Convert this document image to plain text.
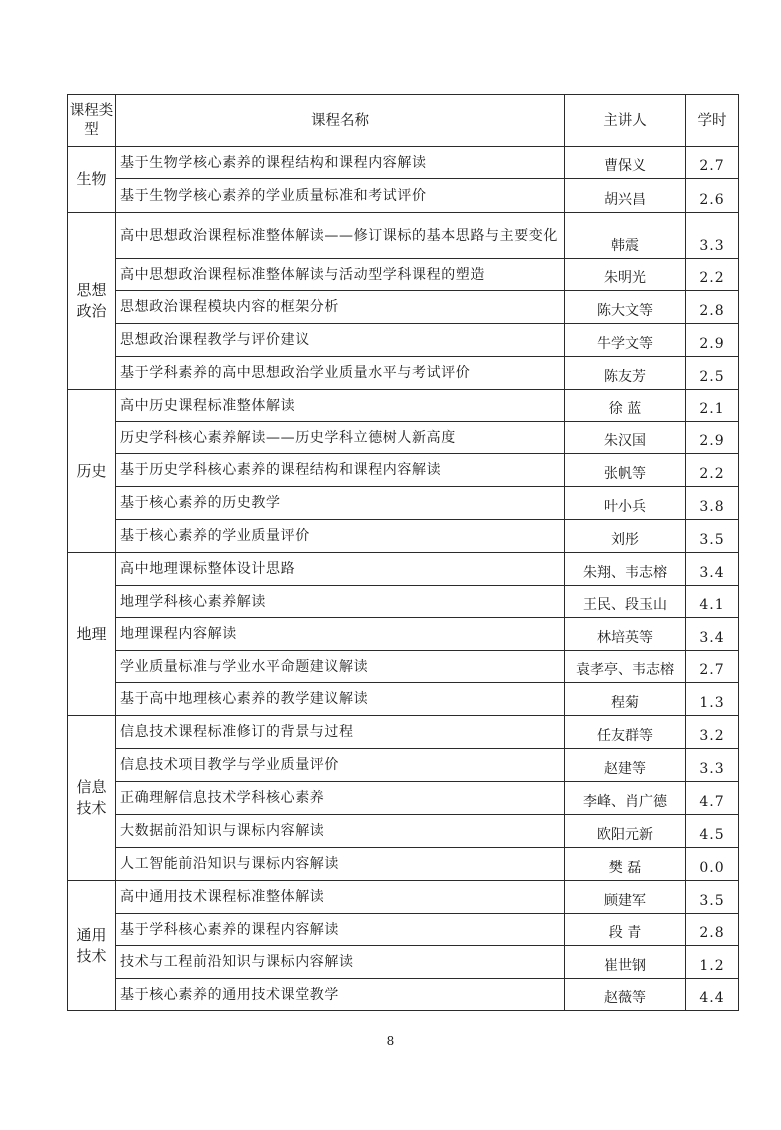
课程类型	课程名称	主讲人	学时
生物	基于生物学核心素养的课程结构和课程内容解读	曹保义	2.7
	基于生物学核心素养的学业质量标准和考试评价	胡兴昌	2.6
思想政治	高中思想政治课程标准整体解读——修订课标的基本思路与主要变化	韩震	3.3
	高中思想政治课程标准整体解读与活动型学科课程的塑造	朱明光	2.2
	思想政治课程模块内容的框架分析	陈大文等	2.8
	思想政治课程教学与评价建议	牛学文等	2.9
	基于学科素养的高中思想政治学业质量水平与考试评价	陈友芳	2.5
历史	高中历史课程标准整体解读	徐 蓝	2.1
	历史学科核心素养解读——历史学科立德树人新高度	朱汉国	2.9
	基于历史学科核心素养的课程结构和课程内容解读	张帆等	2.2
	基于核心素养的历史教学	叶小兵	3.8
	基于核心素养的学业质量评价	刘彤	3.5
地理	高中地理课标整体设计思路	朱翔、韦志榕	3.4
	地理学科核心素养解读	王民、段玉山	4.1
	地理课程内容解读	林培英等	3.4
	学业质量标准与学业水平命题建议解读	袁孝亭、韦志榕	2.7
	基于高中地理核心素养的教学建议解读	程菊	1.3
信息技术	信息技术课程标准修订的背景与过程	任友群等	3.2
	信息技术项目教学与学业质量评价	赵建等	3.3
	正确理解信息技术学科核心素养	李峰、肖广德	4.7
	大数据前沿知识与课标内容解读	欧阳元新	4.5
	人工智能前沿知识与课标内容解读	樊 磊	0.0
通用技术	高中通用技术课程标准整体解读	顾建军	3.5
	基于学科核心素养的课程内容解读	段 青	2.8
	技术与工程前沿知识与课标内容解读	崔世钢	1.2
	基于核心素养的通用技术课堂教学	赵薇等	4.4
8
